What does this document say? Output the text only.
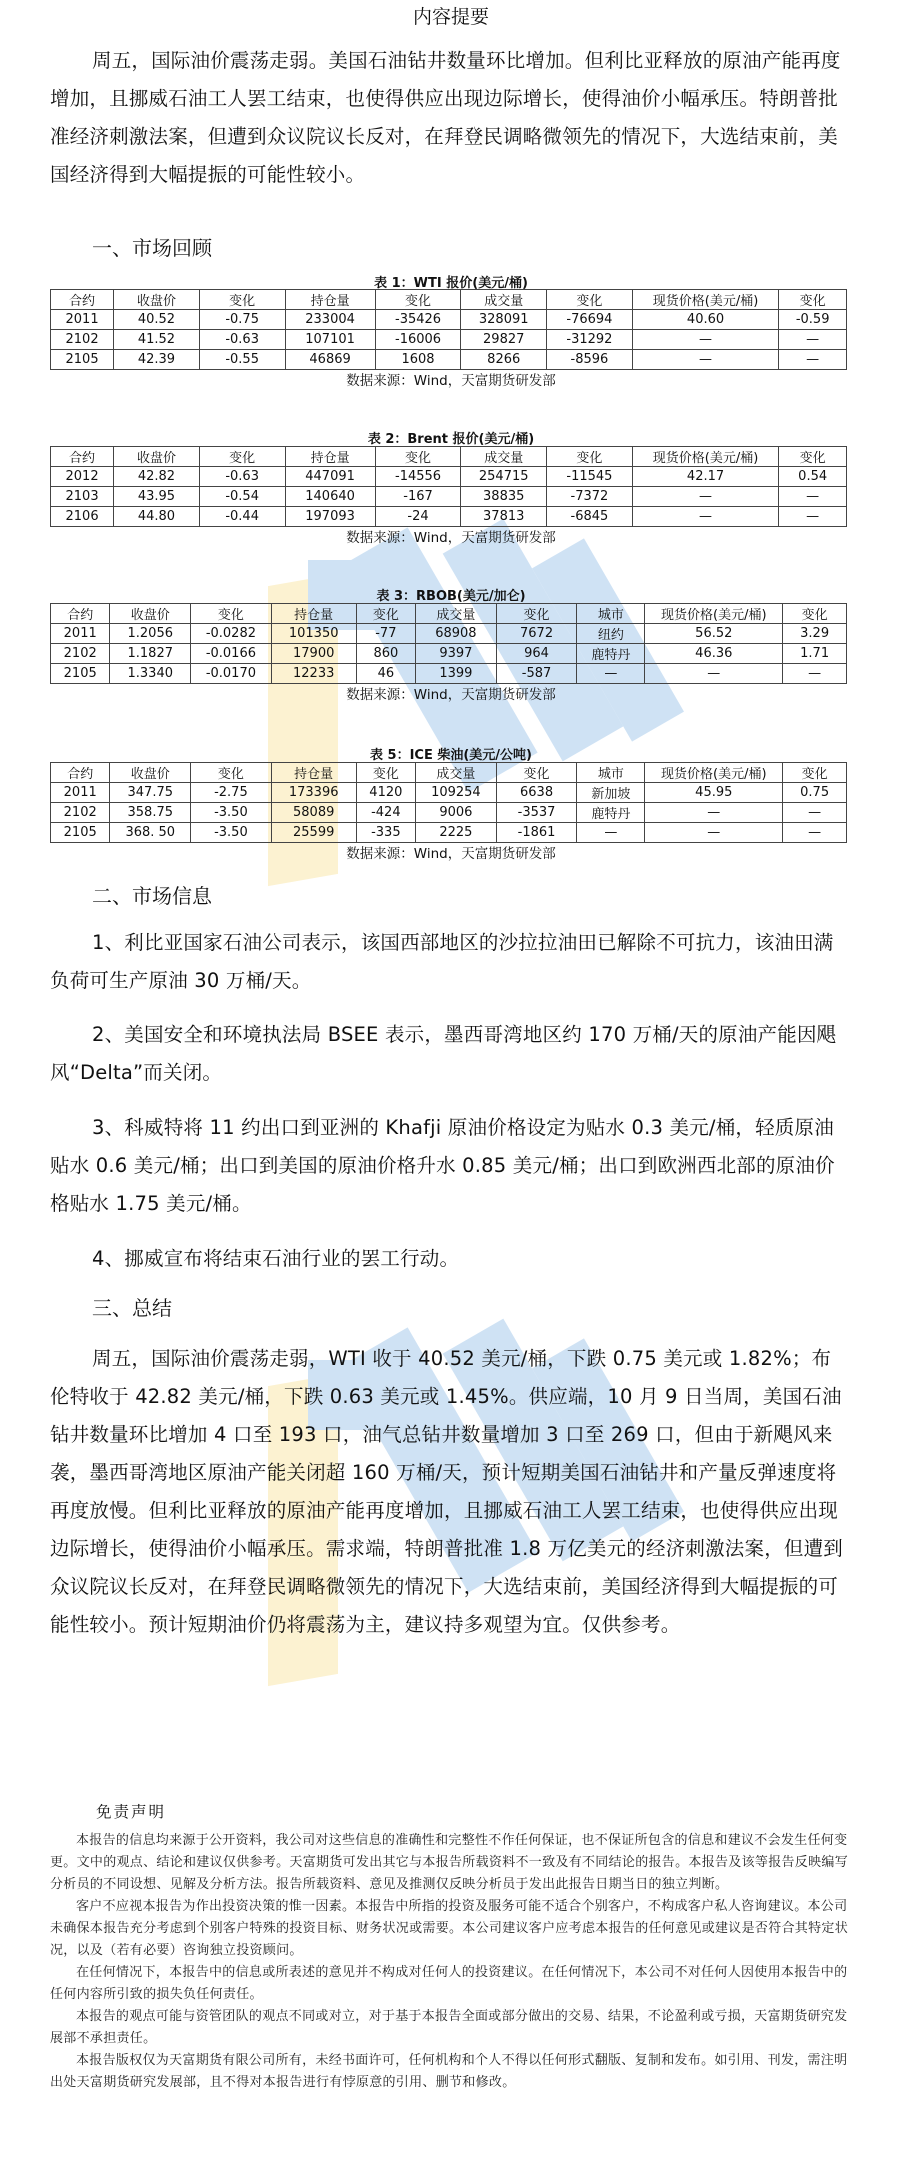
内容提要
周五，国际油价震荡走弱。美国石油钻井数量环比增加。但利比亚释放的原油产能再度增加，且挪威石油工人罢工结束，也使得供应出现边际增长，使得油价小幅承压。特朗普批准经济刺激法案，但遭到众议院议长反对，在拜登民调略微领先的情况下，大选结束前，美国经济得到大幅提振的可能性较小。
一、市场回顾
表 1：WTI 报价(美元/桶)
合约	收盘价	变化	持仓量	变化	成交量	变化	现货价格(美元/桶)	变化
2011	40.52	-0.75	233004	-35426	328091	-76694	40.60	-0.59
2102	41.52	-0.63	107101	-16006	29827	-31292	—	—
2105	42.39	-0.55	46869	1608	8266	-8596	—	—
数据来源：Wind，天富期货研发部
表 2：Brent 报价(美元/桶)
合约	收盘价	变化	持仓量	变化	成交量	变化	现货价格(美元/桶)	变化
2012	42.82	-0.63	447091	-14556	254715	-11545	42.17	0.54
2103	43.95	-0.54	140640	-167	38835	-7372	—	—
2106	44.80	-0.44	197093	-24	37813	-6845	—	—
数据来源：Wind，天富期货研发部
表 3：RBOB(美元/加仑)
合约	收盘价	变化	持仓量	变化	成交量	变化	城市	现货价格(美元/桶)	变化
2011	1.2056	-0.0282	101350	-77	68908	7672	纽约	56.52	3.29
2102	1.1827	-0.0166	17900	860	9397	964	鹿特丹	46.36	1.71
2105	1.3340	-0.0170	12233	46	1399	-587	—	—	—
数据来源：Wind，天富期货研发部
表 5：ICE 柴油(美元/公吨)
合约	收盘价	变化	持仓量	变化	成交量	变化	城市	现货价格(美元/桶)	变化
2011	347.75	-2.75	173396	4120	109254	6638	新加坡	45.95	0.75
2102	358.75	-3.50	58089	-424	9006	-3537	鹿特丹	—	—
2105	368. 50	-3.50	25599	-335	2225	-1861	—	—	—
数据来源：Wind，天富期货研发部
二、市场信息
1、利比亚国家石油公司表示，该国西部地区的沙拉拉油田已解除不可抗力，该油田满负荷可生产原油 30 万桶/天。
2、美国安全和环境执法局 BSEE 表示，墨西哥湾地区约 170 万桶/天的原油产能因飓风“Delta”而关闭。
3、科威特将 11 约出口到亚洲的 Khafji 原油价格设定为贴水 0.3 美元/桶，轻质原油贴水 0.6 美元/桶；出口到美国的原油价格升水 0.85 美元/桶；出口到欧洲西北部的原油价格贴水 1.75 美元/桶。
4、挪威宣布将结束石油行业的罢工行动。
三、总结
周五，国际油价震荡走弱，WTI 收于 40.52 美元/桶，下跌 0.75 美元或 1.82%；布伦特收于 42.82 美元/桶，下跌 0.63 美元或 1.45%。供应端，10 月 9 日当周，美国石油钻井数量环比增加 4 口至 193 口，油气总钻井数量增加 3 口至 269 口，但由于新飓风来袭，墨西哥湾地区原油产能关闭超 160 万桶/天，预计短期美国石油钻井和产量反弹速度将再度放慢。但利比亚释放的原油产能再度增加，且挪威石油工人罢工结束，也使得供应出现边际增长，使得油价小幅承压。需求端，特朗普批准 1.8 万亿美元的经济刺激法案，但遭到众议院议长反对，在拜登民调略微领先的情况下，大选结束前，美国经济得到大幅提振的可能性较小。预计短期油价仍将震荡为主，建议持多观望为宜。仅供参考。
免责声明

本报告的信息均来源于公开资料，我公司对这些信息的准确性和完整性不作任何保证，也不保证所包含的信息和建议不会发生任何变更。文中的观点、结论和建议仅供参考。天富期货可发出其它与本报告所载资料不一致及有不同结论的报告。本报告及该等报告反映编写分析员的不同设想、见解及分析方法。报告所载资料、意见及推测仅反映分析员于发出此报告日期当日的独立判断。

客户不应视本报告为作出投资决策的惟一因素。本报告中所指的投资及服务可能不适合个别客户，不构成客户私人咨询建议。本公司未确保本报告充分考虑到个别客户特殊的投资目标、财务状况或需要。本公司建议客户应考虑本报告的任何意见或建议是否符合其特定状况，以及（若有必要）咨询独立投资顾问。

在任何情况下，本报告中的信息或所表述的意见并不构成对任何人的投资建议。在任何情况下，本公司不对任何人因使用本报告中的任何内容所引致的损失负任何责任。

本报告的观点可能与资管团队的观点不同或对立，对于基于本报告全面或部分做出的交易、结果，不论盈利或亏损，天富期货研究发展部不承担责任。

本报告版权仅为天富期货有限公司所有，未经书面许可，任何机构和个人不得以任何形式翻版、复制和发布。如引用、刊发，需注明出处天富期货研究发展部，且不得对本报告进行有悖原意的引用、删节和修改。
